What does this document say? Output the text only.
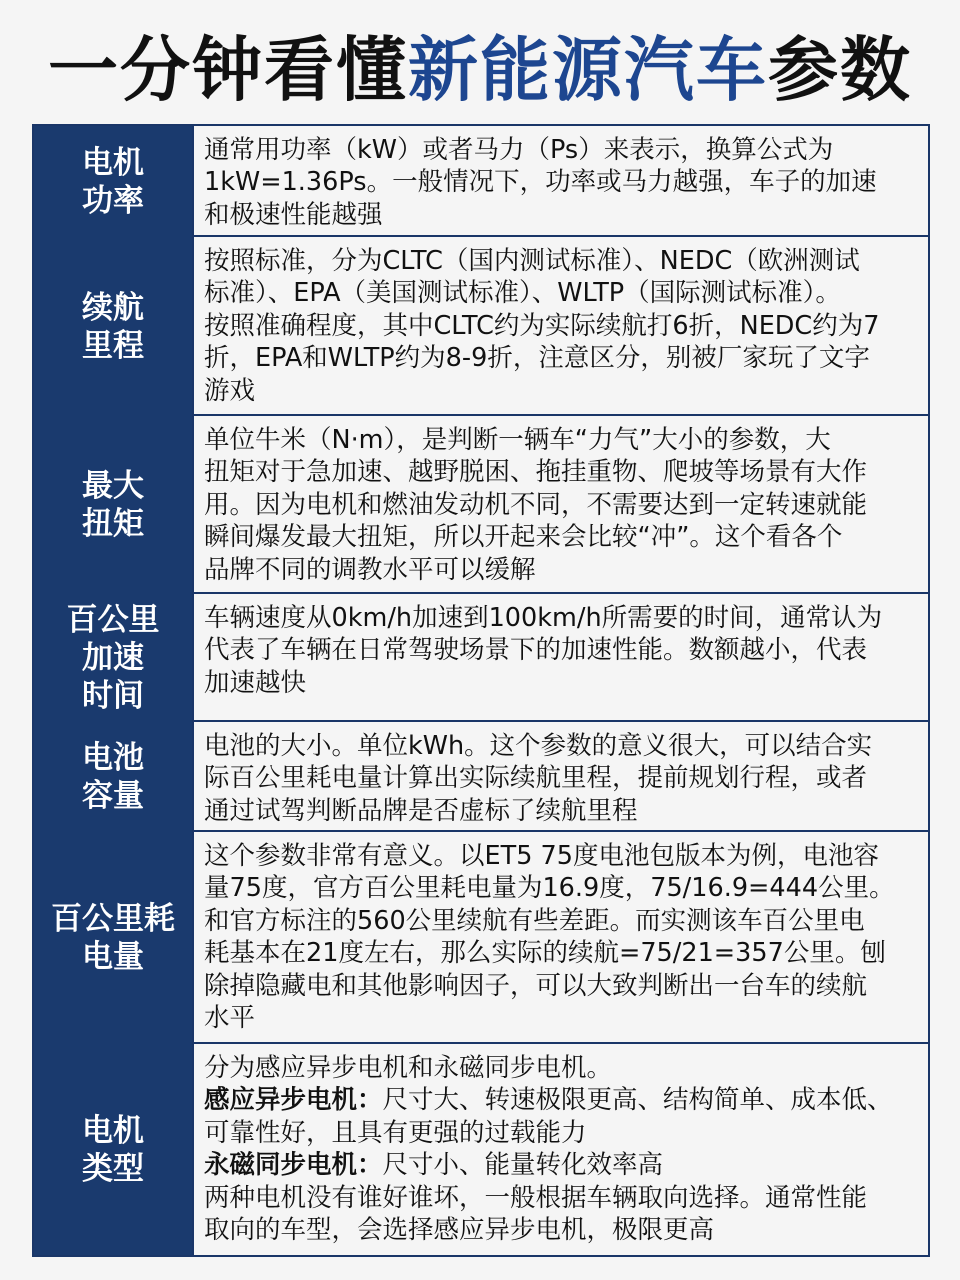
一分钟看懂新能源汽车参数
电机
功率
通常用功率（kW）或者马力（Ps）来表示，换算公式为
1kW=1.36Ps。一般情况下，功率或马力越强，车子的加速
和极速性能越强
续航
里程
按照标准，分为CLTC（国内测试标准）、NEDC（欧洲测试
标准）、EPA（美国测试标准）、WLTP（国际测试标准）。
按照准确程度，其中CLTC约为实际续航打6折，NEDC约为7
折，EPA和WLTP约为8-9折，注意区分，别被厂家玩了文字
游戏
最大
扭矩
单位牛米（N·m），是判断一辆车“力气”大小的参数，大
扭矩对于急加速、越野脱困、拖挂重物、爬坡等场景有大作
用。因为电机和燃油发动机不同，不需要达到一定转速就能
瞬间爆发最大扭矩，所以开起来会比较“冲”。这个看各个
品牌不同的调教水平可以缓解
百公里
加速
时间
车辆速度从0km/h加速到100km/h所需要的时间，通常认为
代表了车辆在日常驾驶场景下的加速性能。数额越小，代表
加速越快
电池
容量
电池的大小。单位kWh。这个参数的意义很大，可以结合实
际百公里耗电量计算出实际续航里程，提前规划行程，或者
通过试驾判断品牌是否虚标了续航里程
百公里耗
电量
这个参数非常有意义。以ET5 75度电池包版本为例，电池容
量75度，官方百公里耗电量为16.9度，75/16.9=444公里。
和官方标注的560公里续航有些差距。而实测该车百公里电
耗基本在21度左右，那么实际的续航=75/21=357公里。刨
除掉隐藏电和其他影响因子，可以大致判断出一台车的续航
水平
电机
类型
分为感应异步电机和永磁同步电机。
感应异步电机：尺寸大、转速极限更高、结构简单、成本低、
可靠性好，且具有更强的过载能力
永磁同步电机：尺寸小、能量转化效率高
两种电机没有谁好谁坏，一般根据车辆取向选择。通常性能
取向的车型，会选择感应异步电机，极限更高
